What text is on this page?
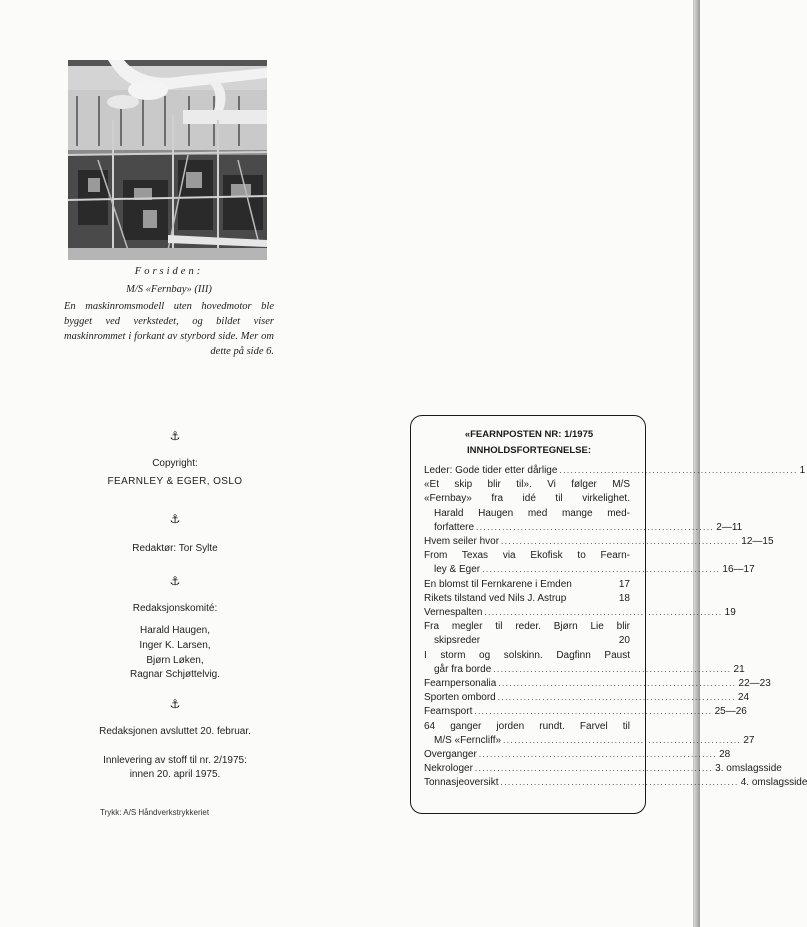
Forsiden:
M/S «Fernbay» (III)
En maskinromsmodell uten hovedmotor ble bygget ved verkstedet, og bildet viser maskinrommet i forkant av styrbord side. Mer om dette på side 6.
⚓
Copyright:
FEARNLEY & EGER, OSLO
⚓
Redaktør: Tor Sylte
⚓
Redaksjonskomité:
Harald Haugen,
Inger K. Larsen,
Bjørn Løken,
Ragnar Schjøttelvig.
⚓
Redaksjonen avsluttet 20. februar.
Innlevering av stoff til nr. 2/1975:
innen 20. april 1975.
Trykk: A/S Håndverkstrykkeriet
«FEARNPOSTEN NR: 1/1975
INNHOLDSFORTEGNELSE:
Leder: Gode tider etter dårlige ................................................................ 1
«Et skip blir til». Vi følger M/S
«Fernbay» fra idé til virkelighet.
Harald Haugen med mange med-
forfattere ................................................................ 2—11
Hvem seiler hvor ................................................................ 12—15
From Texas via Ekofisk to Fearn-
ley & Eger ................................................................ 16—17
En blomst til Fernkarene i Emden	17
Rikets tilstand ved Nils J. Astrup	18
Vernespalten ................................................................ 19
Fra megler til reder. Bjørn Lie blir
skipsreder	20
I storm og solskinn. Dagfinn Paust
går fra borde ................................................................ 21
Fearnpersonalia ................................................................ 22—23
Sporten ombord ................................................................ 24
Fearnsport ................................................................ 25—26
64 ganger jorden rundt. Farvel til
M/S «Ferncliff» ................................................................ 27
Overganger ................................................................ 28
Nekrologer ................................................................ 3. omslagsside
Tonnasjeoversikt ................................................................ 4. omslagsside
